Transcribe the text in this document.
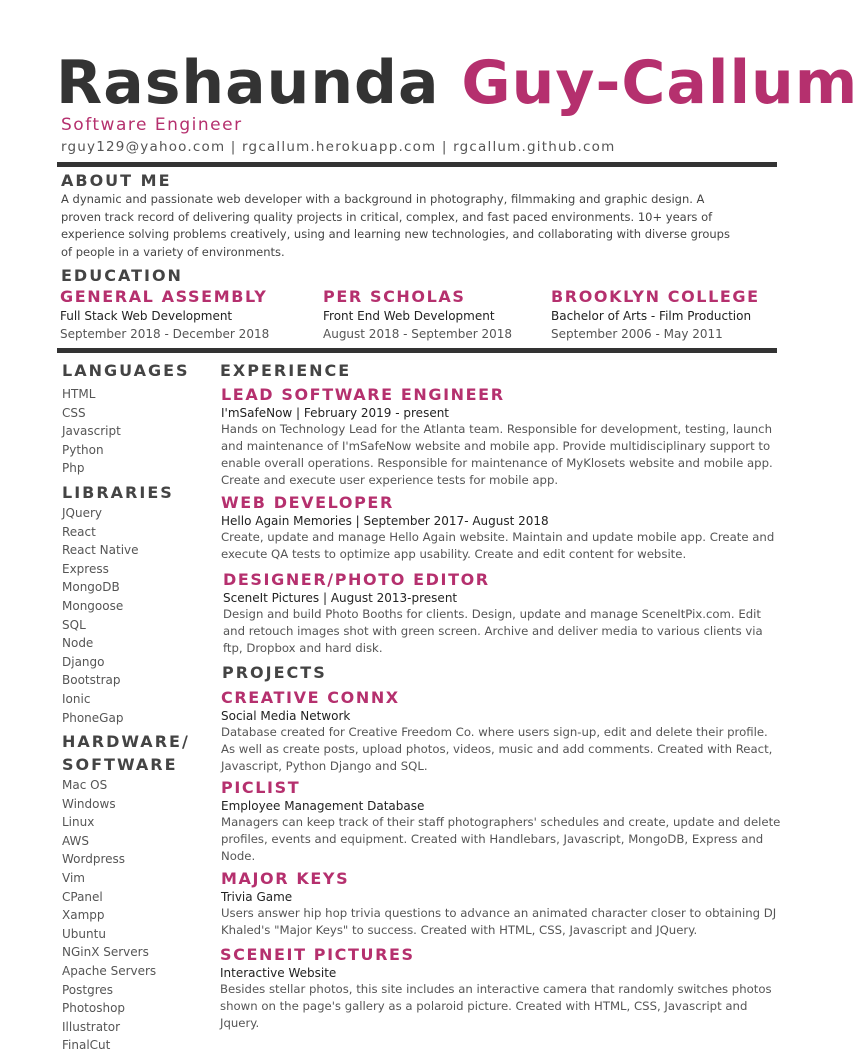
Rashaunda Guy-Callum
Software Engineer
rguy129@yahoo.com | rgcallum.herokuapp.com | rgcallum.github.com
ABOUT ME
A dynamic and passionate web developer with a background in photography, filmmaking and graphic design. A proven track record of delivering quality projects in critical, complex, and fast paced environments. 10+ years of experience solving problems creatively, using and learning new technologies, and collaborating with diverse groups of people in a variety of environments.
EDUCATION
GENERAL ASSEMBLY
Full Stack Web Development
September 2018 - December 2018
PER SCHOLAS
Front End Web Development
August 2018 - September 2018
BROOKLYN COLLEGE
Bachelor of Arts - Film Production
September 2006 - May 2011
LANGUAGES
HTML
CSS
Javascript
Python
Php
LIBRARIES
JQuery
React
React Native
Express
MongoDB
Mongoose
SQL
Node
Django
Bootstrap
Ionic
PhoneGap
HARDWARE/
SOFTWARE
Mac OS
Windows
Linux
AWS
Wordpress
Vim
CPanel
Xampp
Ubuntu
NGinX Servers
Apache Servers
Postgres
Photoshop
Illustrator
FinalCut
EXPERIENCE
LEAD SOFTWARE ENGINEER
I'mSafeNow | February 2019 - present
Hands on Technology Lead for the Atlanta team. Responsible for development, testing, launch and maintenance of I'mSafeNow website and mobile app. Provide multidisciplinary support to enable overall operations. Responsible for maintenance of MyKlosets website and mobile app. Create and execute user experience tests for mobile app.
WEB DEVELOPER
Hello Again Memories | September 2017- August 2018
Create, update and manage Hello Again website. Maintain and update mobile app. Create and execute QA tests to optimize app usability. Create and edit content for website.
DESIGNER/PHOTO EDITOR
SceneIt Pictures | August 2013-present
Design and build Photo Booths for clients. Design, update and manage SceneItPix.com. Edit and retouch images shot with green screen. Archive and deliver media to various clients via ftp, Dropbox and hard disk.
PROJECTS
CREATIVE CONNX
Social Media Network
Database created for Creative Freedom Co. where users sign-up, edit and delete their profile. As well as create posts, upload photos, videos, music and add comments. Created with React, Javascript, Python Django and SQL.
PICLIST
Employee Management Database
Managers can keep track of their staff photographers' schedules and create, update and delete profiles, events and equipment. Created with Handlebars, Javascript, MongoDB, Express and Node.
MAJOR KEYS
Trivia Game
Users answer hip hop trivia questions to advance an animated character closer to obtaining DJ Khaled's "Major Keys" to success. Created with HTML, CSS, Javascript and JQuery.
SCENEIT PICTURES
Interactive Website
Besides stellar photos, this site includes an interactive camera that randomly switches photos shown on the page's gallery as a polaroid picture. Created with HTML, CSS, Javascript and Jquery.
